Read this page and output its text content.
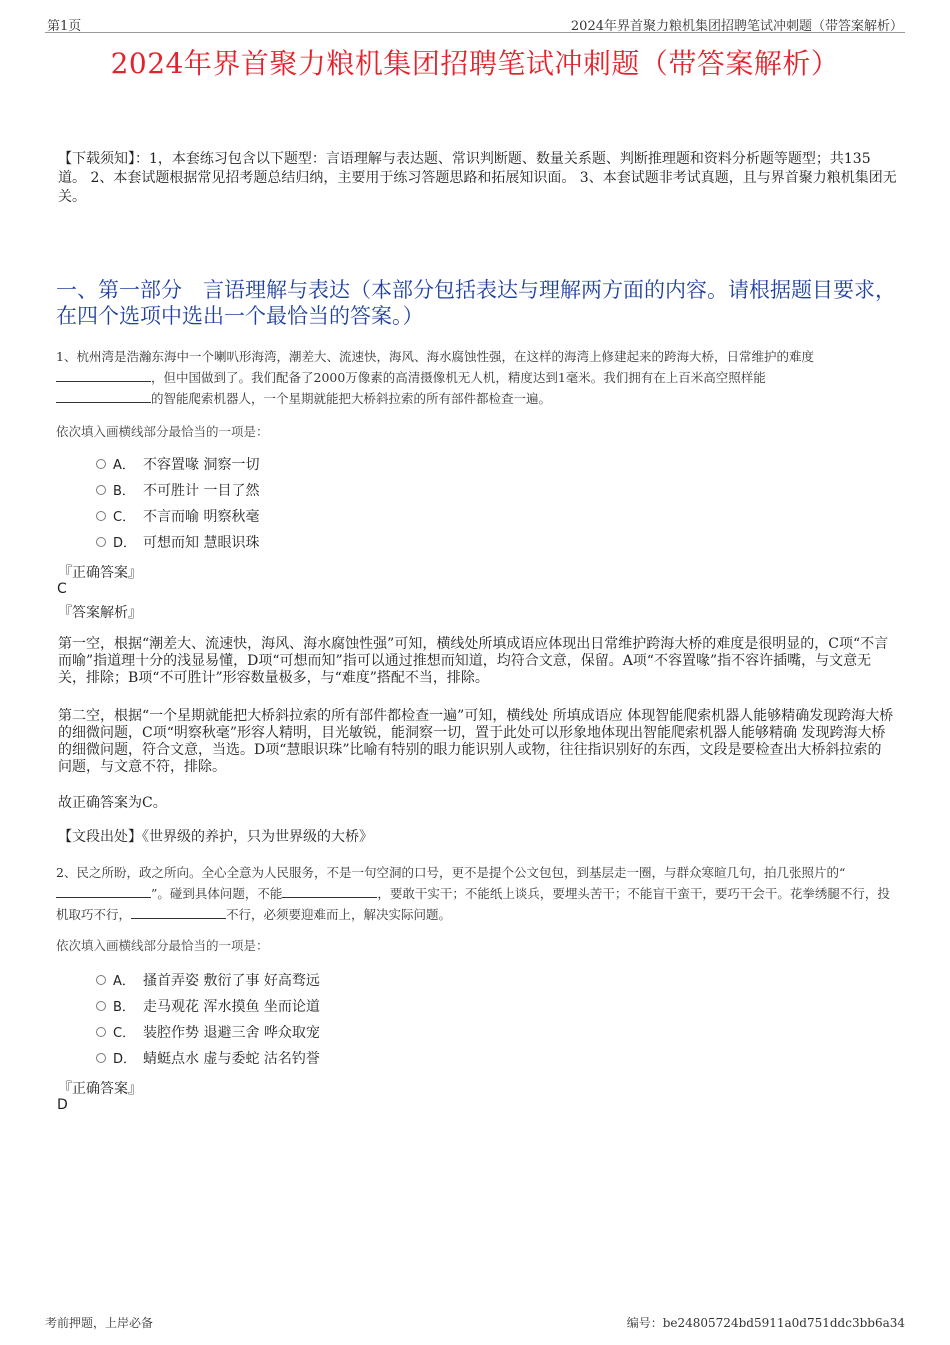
第1页	2024年界首聚力粮机集团招聘笔试冲刺题（带答案解析）
2024年界首聚力粮机集团招聘笔试冲刺题（带答案解析）
【下载须知】：1，本套练习包含以下题型：言语理解与表达题、常识判断题、数量关系题、判断推理题和资料分析题等题型；共135道。 2、本套试题根据常见招考题总结归纳，主要用于练习答题思路和拓展知识面。 3、本套试题非考试真题，且与界首聚力粮机集团无关。
一、第一部分　言语理解与表达（本部分包括表达与理解两方面的内容。请根据题目要求，在四个选项中选出一个最恰当的答案。）
1、杭州湾是浩瀚东海中一个喇叭形海湾，潮差大、流速快，海风、海水腐蚀性强，在这样的海湾上修建起来的跨海大桥，日常维护的难度
，但中国做到了。我们配备了2000万像素的高清摄像机无人机，精度达到1毫米。我们拥有在上百米高空照样能
的智能爬索机器人，一个星期就能把大桥斜拉索的所有部件都检查一遍。
依次填入画横线部分最恰当的一项是：
A． 不容置喙 洞察一切
B． 不可胜计 一目了然
C． 不言而喻 明察秋毫
D． 可想而知 慧眼识珠
『正确答案』
C
『答案解析』
第一空，根据“潮差大、流速快，海风、海水腐蚀性强”可知，横线处所填成语应体现出日常维护跨海大桥的难度是很明显的，C项“不言而喻”指道理十分的浅显易懂，D项“可想而知”指可以通过推想而知道，均符合文意，保留。A项“不容置喙”指不容许插嘴，与文意无关，排除；B项“不可胜计”形容数量极多，与“难度”搭配不当，排除。
第二空，根据“一个星期就能把大桥斜拉索的所有部件都检查一遍”可知，横线处 所填成语应 体现智能爬索机器人能够精确发现跨海大桥的细微问题，C项“明察秋毫”形容人精明，目光敏锐，能洞察一切，置于此处可以形象地体现出智能爬索机器人能够精确 发现跨海大桥的细微问题，符合文意，当选。D项“慧眼识珠”比喻有特别的眼力能识别人或物，往往指识别好的东西，文段是要检查出大桥斜拉索的问题，与文意不符，排除。
故正确答案为C。
【文段出处】《世界级的养护，只为世界级的大桥》
2、民之所盼，政之所向。全心全意为人民服务，不是一句空洞的口号，更不是提个公文包包，到基层走一圈，与群众寒暄几句，拍几张照片的“”。碰到具体问题，不能	，要敢干实干；不能纸上谈兵，要埋头苦干；不能盲干蛮干，要巧干会干。花拳绣腿不行，投机取巧不行，	不行，必须要迎难而上，解决实际问题。
依次填入画横线部分最恰当的一项是：
A． 搔首弄姿 敷衍了事 好高骛远
B． 走马观花 浑水摸鱼 坐而论道
C． 装腔作势 退避三舍 哗众取宠
D． 蜻蜓点水 虚与委蛇 沽名钓誉
『正确答案』
D
考前押题，上岸必备	编号：be24805724bd5911a0d751ddc3bb6a34
